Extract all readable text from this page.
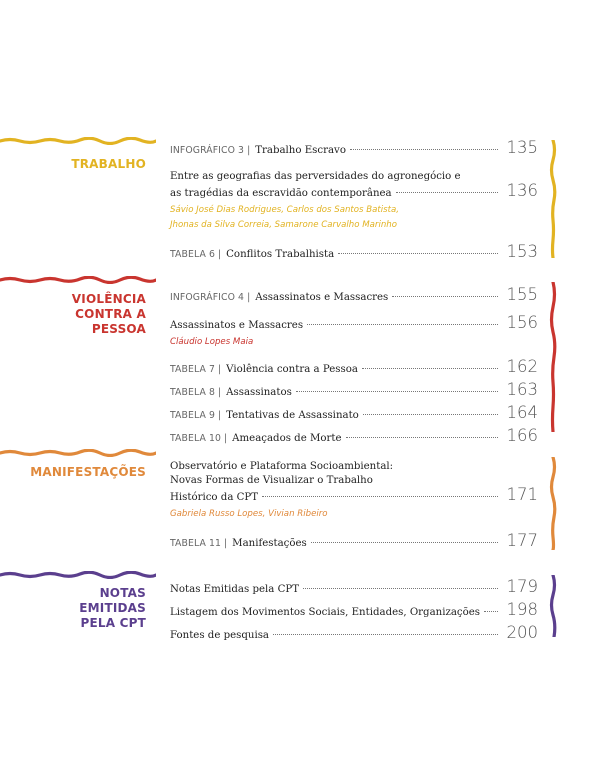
TRABALHO
INFOGRÁFICO 3 | Trabalho Escravo	135
Entre as geografias das perversidades do agronegócio e
as tragédias da escravidão contemporânea	136
Sávio José Dias Rodrigues, Carlos dos Santos Batista,
Jhonas da Silva Correia, Samarone Carvalho Marinho
TABELA 6 | Conflitos Trabalhista	153
VIOLÊNCIA
CONTRA A
PESSOA
INFOGRÁFICO 4 | Assassinatos e Massacres	155
Assassinatos e Massacres	156
Cláudio Lopes Maia
TABELA 7 | Violência contra a Pessoa	162
TABELA 8 | Assassinatos	163
TABELA 9 | Tentativas de Assassinato	164
TABELA 10 | Ameaçados de Morte	166
MANIFESTAÇÕES Observatório e Plataforma Socioambiental:
Novas Formas de Visualizar o Trabalho
Histórico da CPT	171
Gabriela Russo Lopes, Vivian Ribeiro
TABELA 11 | Manifestações	177
NOTAS
EMITIDAS
PELA CPT
Notas Emitidas pela CPT	179
Listagem dos Movimentos Sociais, Entidades, Organizações 198
Fontes de pesquisa	200
